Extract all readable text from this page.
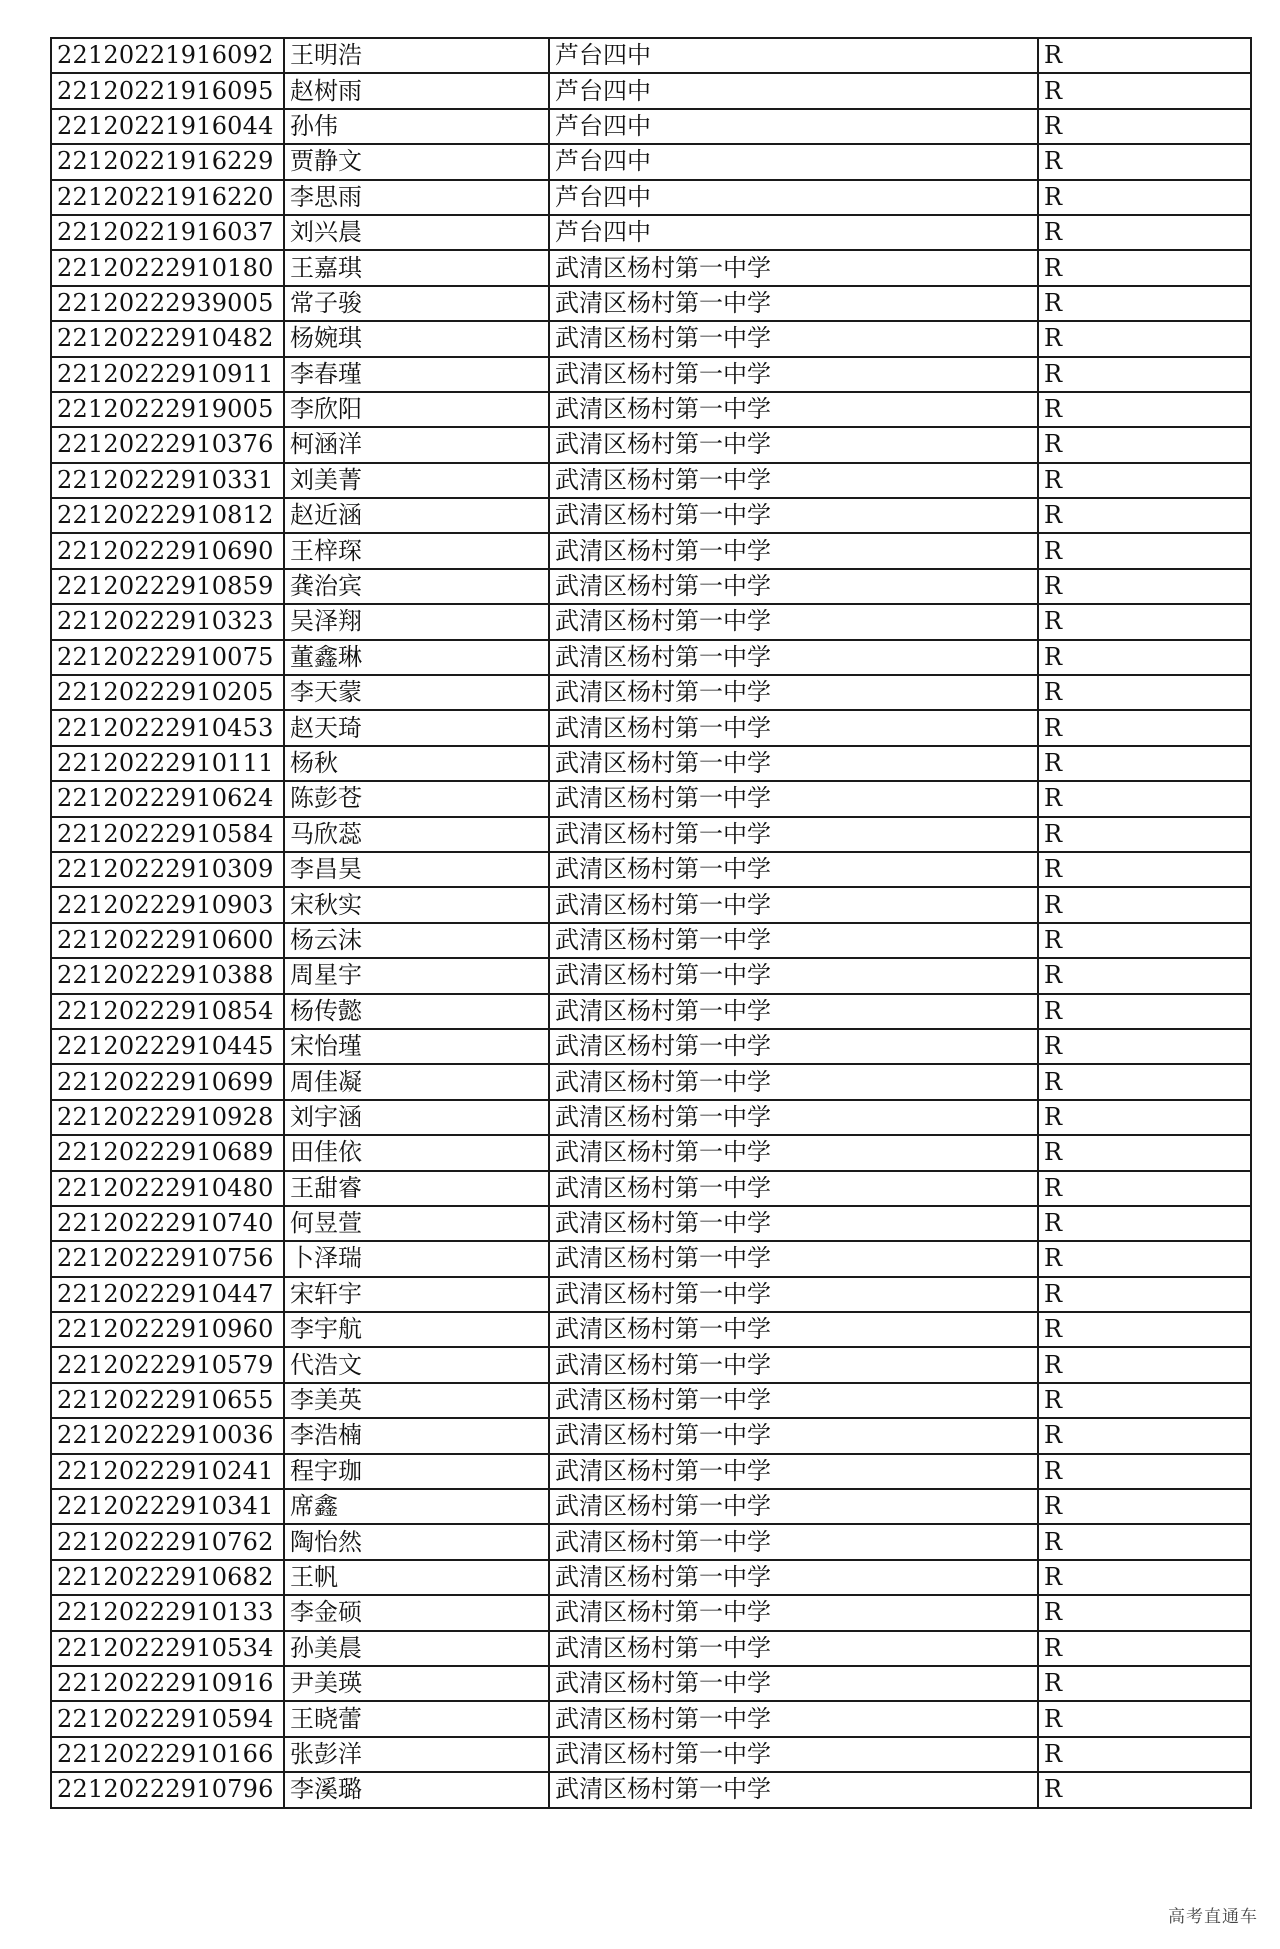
22120221916092	王明浩	芦台四中	R
22120221916095	赵树雨	芦台四中	R
22120221916044	孙伟	芦台四中	R
22120221916229	贾静文	芦台四中	R
22120221916220	李思雨	芦台四中	R
22120221916037	刘兴晨	芦台四中	R
22120222910180	王嘉琪	武清区杨村第一中学	R
22120222939005	常子骏	武清区杨村第一中学	R
22120222910482	杨婉琪	武清区杨村第一中学	R
22120222910911	李春瑾	武清区杨村第一中学	R
22120222919005	李欣阳	武清区杨村第一中学	R
22120222910376	柯涵洋	武清区杨村第一中学	R
22120222910331	刘美菁	武清区杨村第一中学	R
22120222910812	赵近涵	武清区杨村第一中学	R
22120222910690	王梓琛	武清区杨村第一中学	R
22120222910859	龚治宾	武清区杨村第一中学	R
22120222910323	吴泽翔	武清区杨村第一中学	R
22120222910075	董鑫琳	武清区杨村第一中学	R
22120222910205	李天蒙	武清区杨村第一中学	R
22120222910453	赵天琦	武清区杨村第一中学	R
22120222910111	杨秋	武清区杨村第一中学	R
22120222910624	陈彭苍	武清区杨村第一中学	R
22120222910584	马欣蕊	武清区杨村第一中学	R
22120222910309	李昌昊	武清区杨村第一中学	R
22120222910903	宋秋实	武清区杨村第一中学	R
22120222910600	杨云沫	武清区杨村第一中学	R
22120222910388	周星宇	武清区杨村第一中学	R
22120222910854	杨传懿	武清区杨村第一中学	R
22120222910445	宋怡瑾	武清区杨村第一中学	R
22120222910699	周佳凝	武清区杨村第一中学	R
22120222910928	刘宇涵	武清区杨村第一中学	R
22120222910689	田佳依	武清区杨村第一中学	R
22120222910480	王甜睿	武清区杨村第一中学	R
22120222910740	何昱萱	武清区杨村第一中学	R
22120222910756	卜泽瑞	武清区杨村第一中学	R
22120222910447	宋轩宇	武清区杨村第一中学	R
22120222910960	李宇航	武清区杨村第一中学	R
22120222910579	代浩文	武清区杨村第一中学	R
22120222910655	李美英	武清区杨村第一中学	R
22120222910036	李浩楠	武清区杨村第一中学	R
22120222910241	程宇珈	武清区杨村第一中学	R
22120222910341	席鑫	武清区杨村第一中学	R
22120222910762	陶怡然	武清区杨村第一中学	R
22120222910682	王帆	武清区杨村第一中学	R
22120222910133	李金硕	武清区杨村第一中学	R
22120222910534	孙美晨	武清区杨村第一中学	R
22120222910916	尹美瑛	武清区杨村第一中学	R
22120222910594	王晓蕾	武清区杨村第一中学	R
22120222910166	张彭洋	武清区杨村第一中学	R
22120222910796	李溪璐	武清区杨村第一中学	R
高考直通车
